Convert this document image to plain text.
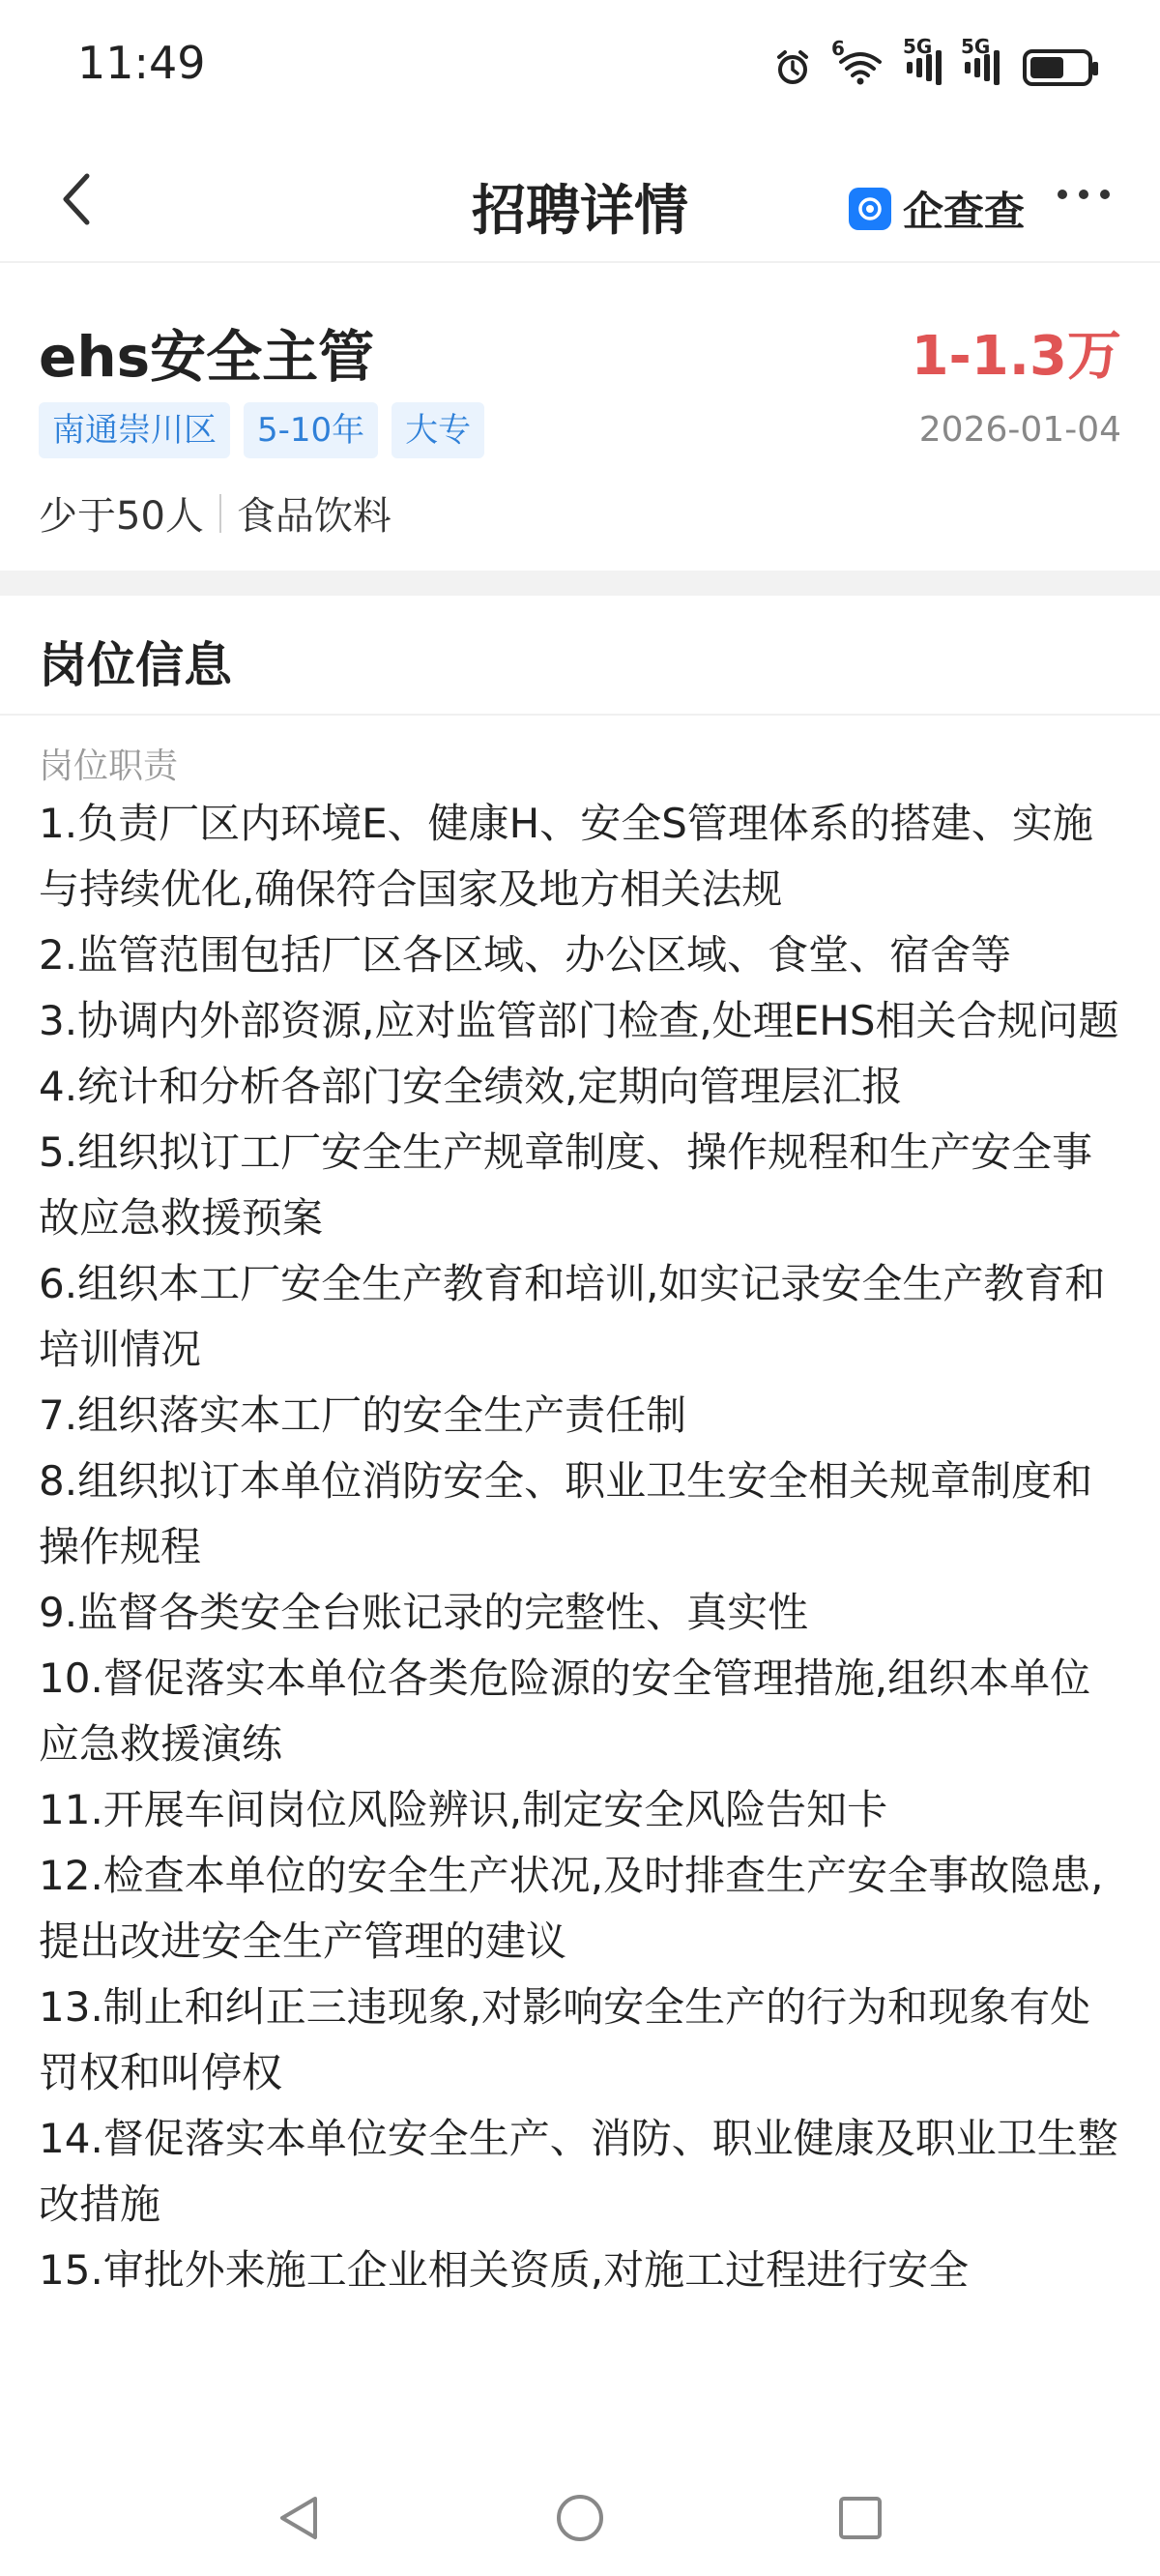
11:49	6	5G 5G
招聘详情	企查查
ehs安全主管	1-1.3万
南通崇川区	5-10年	大专	2026-01-04
少于50人 食品饮料
岗位信息
岗位职责
1.负责厂区内环境E、健康H、安全S管理体系的搭建、实施与持续优化,确保符合国家及地方相关法规
2.监管范围包括厂区各区域、办公区域、食堂、宿舍等
3.协调内外部资源,应对监管部门检查,处理EHS相关合规问题
4.统计和分析各部门安全绩效,定期向管理层汇报
5.组织拟订工厂安全生产规章制度、操作规程和生产安全事故应急救援预案
6.组织本工厂安全生产教育和培训,如实记录安全生产教育和培训情况
7.组织落实本工厂的安全生产责任制
8.组织拟订本单位消防安全、职业卫生安全相关规章制度和操作规程
9.监督各类安全台账记录的完整性、真实性
10.督促落实本单位各类危险源的安全管理措施,组织本单位应急救援演练
11.开展车间岗位风险辨识,制定安全风险告知卡
12.检查本单位的安全生产状况,及时排查生产安全事故隐患,提出改进安全生产管理的建议
13.制止和纠正三违现象,对影响安全生产的行为和现象有处罚权和叫停权
14.督促落实本单位安全生产、消防、职业健康及职业卫生整改措施
15.审批外来施工企业相关资质,对施工过程进行安全
